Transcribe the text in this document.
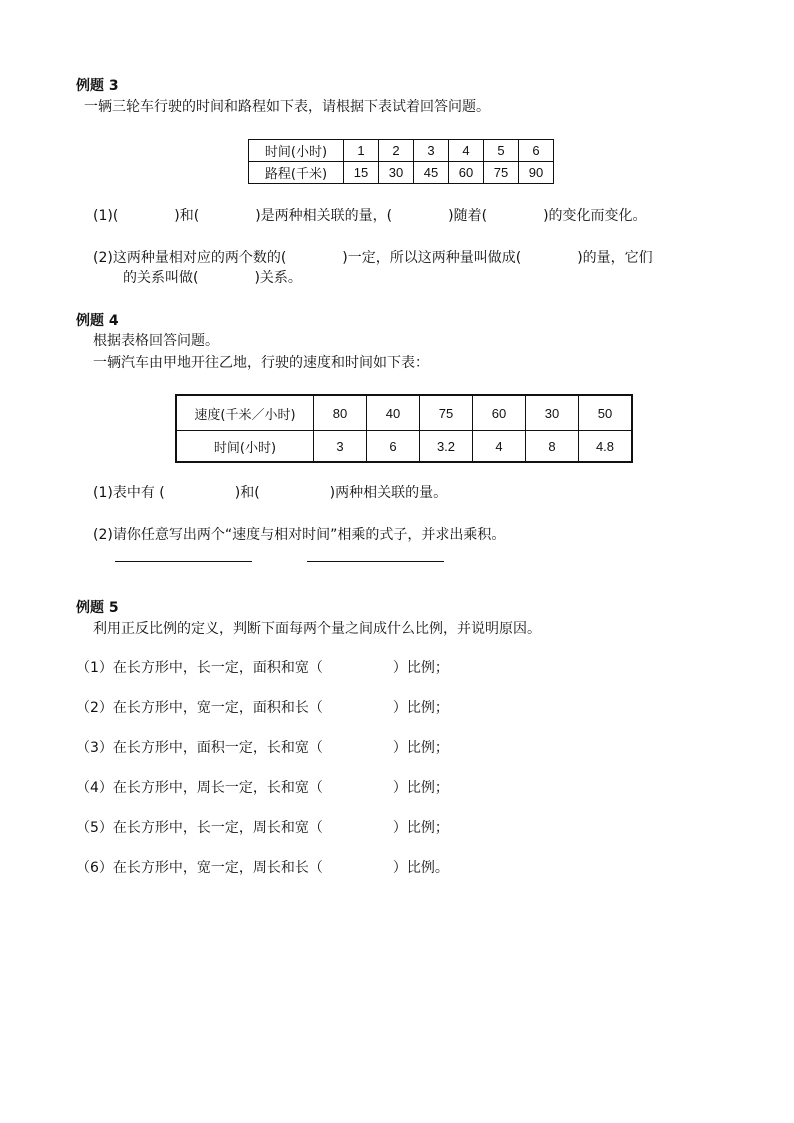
例题 3
一辆三轮车行驶的时间和路程如下表，请根据下表试着回答问题。
时间(小时)	1	2	3	4	5	6
路程(千米)	15	30	45	60	75	90
(1)(　　　　)和(　　　　)是两种相关联的量，(　　　　)随着(　　　　)的变化而变化。
(2)这两种量相对应的两个数的(　　　　)一定，所以这两种量叫做成(　　　　)的量，它们
的关系叫做(　　　　)关系。
例题 4
根据表格回答问题。
一辆汽车由甲地开往乙地，行驶的速度和时间如下表：
速度(千米／小时)	80	40	75	60	30	50
时间(小时)	3	6	3.2	4	8	4.8
(1)表中有 (　　　　　)和(　　　　　)两种相关联的量。
(2)请你任意写出两个“速度与相对时间”相乘的式子，并求出乘积。
例题 5
利用正反比例的定义，判断下面每两个量之间成什么比例，并说明原因。
（1）在长方形中，长一定，面积和宽（　　　　　）比例；
（2）在长方形中，宽一定，面积和长（　　　　　）比例；
（3）在长方形中，面积一定，长和宽（　　　　　）比例；
（4）在长方形中，周长一定，长和宽（　　　　　）比例；
（5）在长方形中，长一定，周长和宽（　　　　　）比例；
（6）在长方形中，宽一定，周长和长（　　　　　）比例。
